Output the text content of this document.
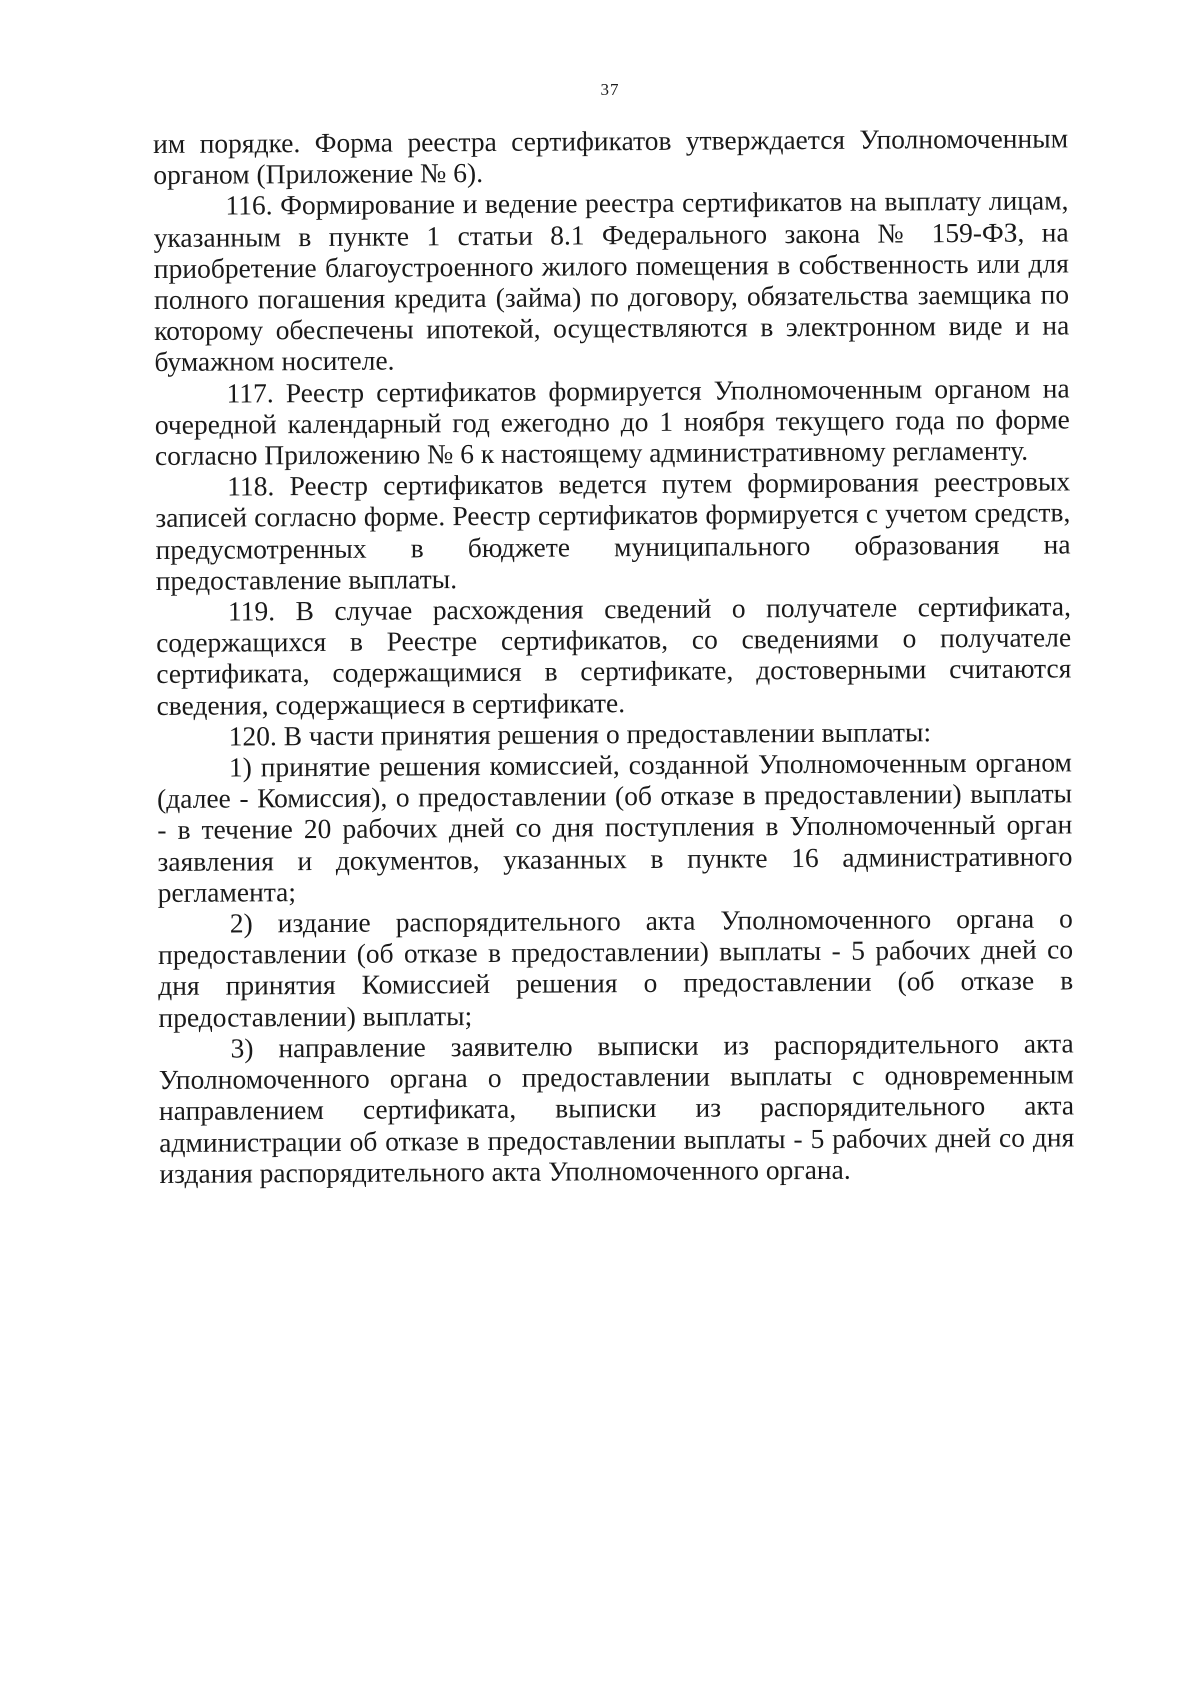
37

им порядке. Форма реестра сертификатов утверждается Уполномоченным органом (Приложение № 6).

116. Формирование и ведение реестра сертификатов на выплату лицам, указанным в пункте 1 статьи 8.1 Федерального закона № 159-ФЗ, на приобретение благоустроенного жилого помещения в собственность или для полного погашения кредита (займа) по договору, обязательства заемщика по которому обеспечены ипотекой, осуществляются в электронном виде и на бумажном носителе.

117. Реестр сертификатов формируется Уполномоченным органом на очередной календарный год ежегодно до 1 ноября текущего года по форме согласно Приложению № 6 к настоящему административному регламенту.

118. Реестр сертификатов ведется путем формирования реестровых записей согласно форме. Реестр сертификатов формируется с учетом средств, предусмотренных в бюджете муниципального образования на предоставление выплаты.

119. В случае расхождения сведений о получателе сертификата, содержащихся в Реестре сертификатов, со сведениями о получателе сертификата, содержащимися в сертификате, достоверными считаются сведения, содержащиеся в сертификате.

120. В части принятия решения о предоставлении выплаты:

1) принятие решения комиссией, созданной Уполномоченным органом (далее - Комиссия), о предоставлении (об отказе в предоставлении) выплаты - в течение 20 рабочих дней со дня поступления в Уполномоченный орган заявления и документов, указанных в пункте 16 административного регламента;

2) издание распорядительного акта Уполномоченного органа о предоставлении (об отказе в предоставлении) выплаты - 5 рабочих дней со дня принятия Комиссией решения о предоставлении (об отказе в предоставлении) выплаты;

3) направление заявителю выписки из распорядительного акта Уполномоченного органа о предоставлении выплаты с одновременным направлением сертификата, выписки из распорядительного акта администрации об отказе в предоставлении выплаты - 5 рабочих дней со дня издания распорядительного акта Уполномоченного органа.
